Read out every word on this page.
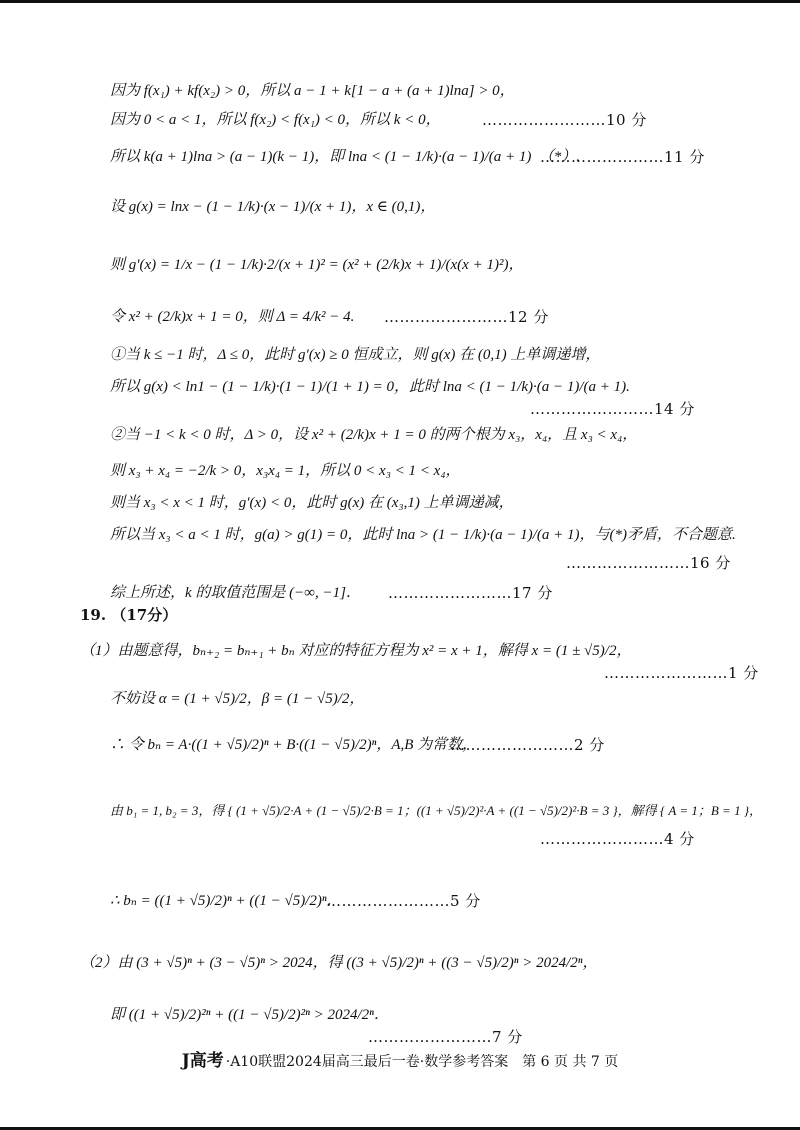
因为 f(x₁) + kf(x₂) > 0，所以 a − 1 + k[1 − a + (a + 1)lna] > 0，
因为 0 < a < 1，所以 f(x₂) < f(x₁) < 0，所以 k < 0，	……………………10 分
所以 k(a + 1)lna > (a − 1)(k − 1)，即 lna < (1 − 1/k)·(a − 1)/(a + 1)　（*）.
……………………11 分
设 g(x) = lnx − (1 − 1/k)·(x − 1)/(x + 1)，x ∈ (0,1)，
则 g′(x) = 1/x − (1 − 1/k)·2/(x + 1)² = (x² + (2/k)x + 1)/(x(x + 1)²)，
令 x² + (2/k)x + 1 = 0，则 Δ = 4/k² − 4. ……………………12 分
①当 k ≤ −1 时，Δ ≤ 0，此时 g′(x) ≥ 0 恒成立，则 g(x) 在 (0,1) 上单调递增，
所以 g(x) < ln1 − (1 − 1/k)·(1 − 1)/(1 + 1) = 0，此时 lna < (1 − 1/k)·(a − 1)/(a + 1).
……………………14 分
②当 −1 < k < 0 时，Δ > 0，设 x² + (2/k)x + 1 = 0 的两个根为 x₃，x₄，且 x₃ < x₄，
则 x₃ + x₄ = −2/k > 0，x₃x₄ = 1，所以 0 < x₃ < 1 < x₄，
则当 x₃ < x < 1 时，g′(x) < 0，此时 g(x) 在 (x₃,1) 上单调递减，
所以当 x₃ < a < 1 时，g(a) > g(1) = 0，此时 lna > (1 − 1/k)·(a − 1)/(a + 1)，与(*)矛盾，不合题意.
……………………16 分
综上所述，k 的取值范围是 (−∞, −1]． ……………………17 分
19. （17分）
（1）由题意得，bₙ₊₂ = bₙ₊₁ + bₙ 对应的特征方程为 x² = x + 1，解得 x = (1 ± √5)/2，
……………………1 分
不妨设 α = (1 + √5)/2，β = (1 − √5)/2，
∴ 令 bₙ = A·((1 + √5)/2)ⁿ + B·((1 − √5)/2)ⁿ，A,B 为常数，
……………………2 分
由 b₁ = 1, b₂ = 3，得 { (1 + √5)/2·A + (1 − √5)/2·B = 1；((1 + √5)/2)²·A + ((1 − √5)/2)²·B = 3 }，解得 { A = 1；B = 1 }，
……………………4 分
∴ bₙ = ((1 + √5)/2)ⁿ + ((1 − √5)/2)ⁿ．
……………………5 分
（2）由 (3 + √5)ⁿ + (3 − √5)ⁿ > 2024，得 ((3 + √5)/2)ⁿ + ((3 − √5)/2)ⁿ > 2024/2ⁿ，
即 ((1 + √5)/2)²ⁿ + ((1 − √5)/2)²ⁿ > 2024/2ⁿ．
……………………7 分
J高考 ·A10联盟2024届高三最后一卷·数学参考答案　第 6 页 共 7 页
